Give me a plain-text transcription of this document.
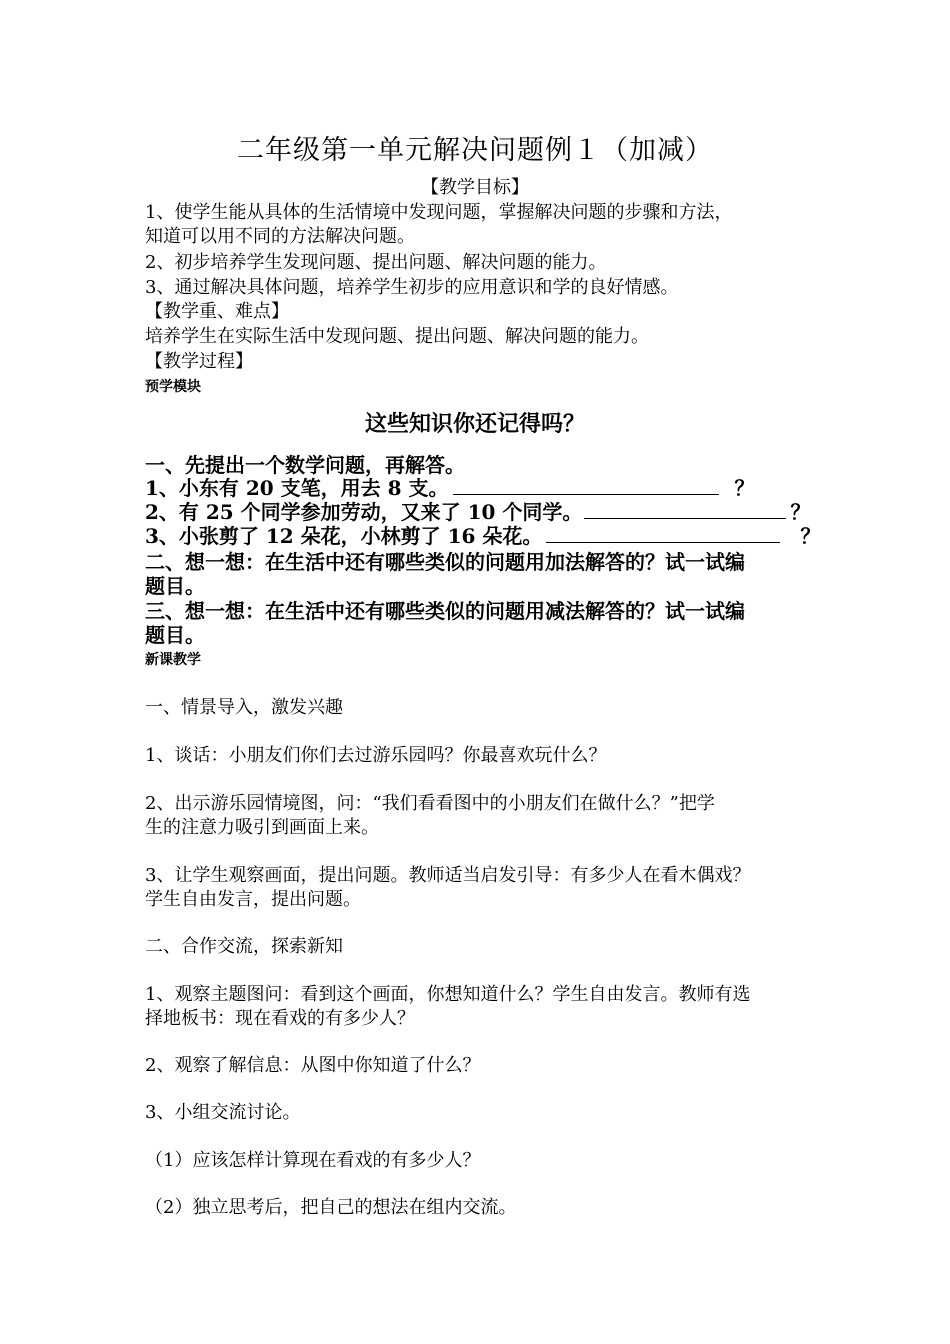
二年级第一单元解决问题例１（加减）
【教学目标】
1、使学生能从具体的生活情境中发现问题，掌握解决问题的步骤和方法，
知道可以用不同的方法解决问题。
2、初步培养学生发现问题、提出问题、解决问题的能力。
3、通过解决具体问题，培养学生初步的应用意识和学的良好情感。
【教学重、难点】
培养学生在实际生活中发现问题、提出问题、解决问题的能力。
【教学过程】
预学模块
这些知识你还记得吗？
一、先提出一个数学问题，再解答。
1、小东有 20 支笔，用去 8 支。	？
2、有 25 个同学参加劳动，又来了 10 个同学。	？
3、小张剪了 12 朵花，小林剪了 16 朵花。	？
二、想一想：在生活中还有哪些类似的问题用加法解答的？试一试编
题目。
三、想一想：在生活中还有哪些类似的问题用减法解答的？试一试编
题目。
新课教学
一、情景导入，激发兴趣
1、谈话：小朋友们你们去过游乐园吗？你最喜欢玩什么？
2、出示游乐园情境图，问：“我们看看图中的小朋友们在做什么？”把学
生的注意力吸引到画面上来。
3、让学生观察画面，提出问题。教师适当启发引导：有多少人在看木偶戏？
学生自由发言，提出问题。
二、合作交流，探索新知
1、观察主题图问：看到这个画面，你想知道什么？学生自由发言。教师有选
择地板书：现在看戏的有多少人？
2、观察了解信息：从图中你知道了什么？
3、小组交流讨论。
（1）应该怎样计算现在看戏的有多少人？
（2）独立思考后，把自己的想法在组内交流。
